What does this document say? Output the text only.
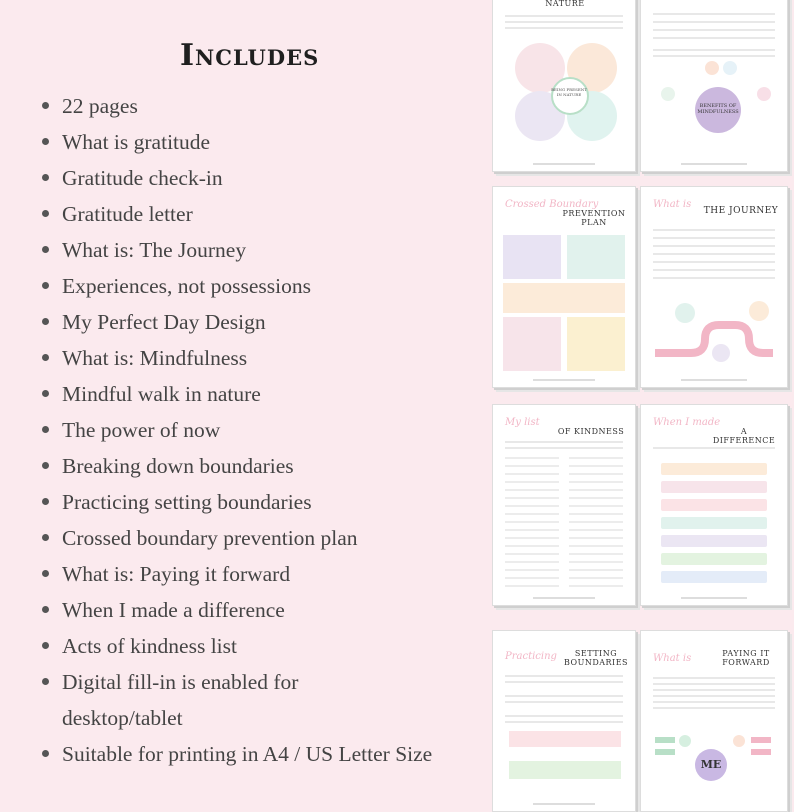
Includes
22 pages
What is gratitude
Gratitude check-in
Gratitude letter
What is: The Journey
Experiences, not possessions
My Perfect Day Design
What is: Mindfulness
Mindful walk in nature
The power of now
Breaking down boundaries
Practicing setting boundaries
Crossed boundary prevention plan
What is: Paying it forward
When I made a difference
Acts of kindness list
Digital fill-in is enabled for
desktop/tablet
Suitable for printing in A4 / US Letter Size
NATURE
BEING PRESENT IN NATURE
BENEFITS OF MINDFULNESS
Crossed Boundary
PREVENTION PLAN
What is
THE JOURNEY
My list
OF KINDNESS
When I made
A DIFFERENCE
Practicing	SETTING BOUNDARIES What is	PAYING IT FORWARD
ME
